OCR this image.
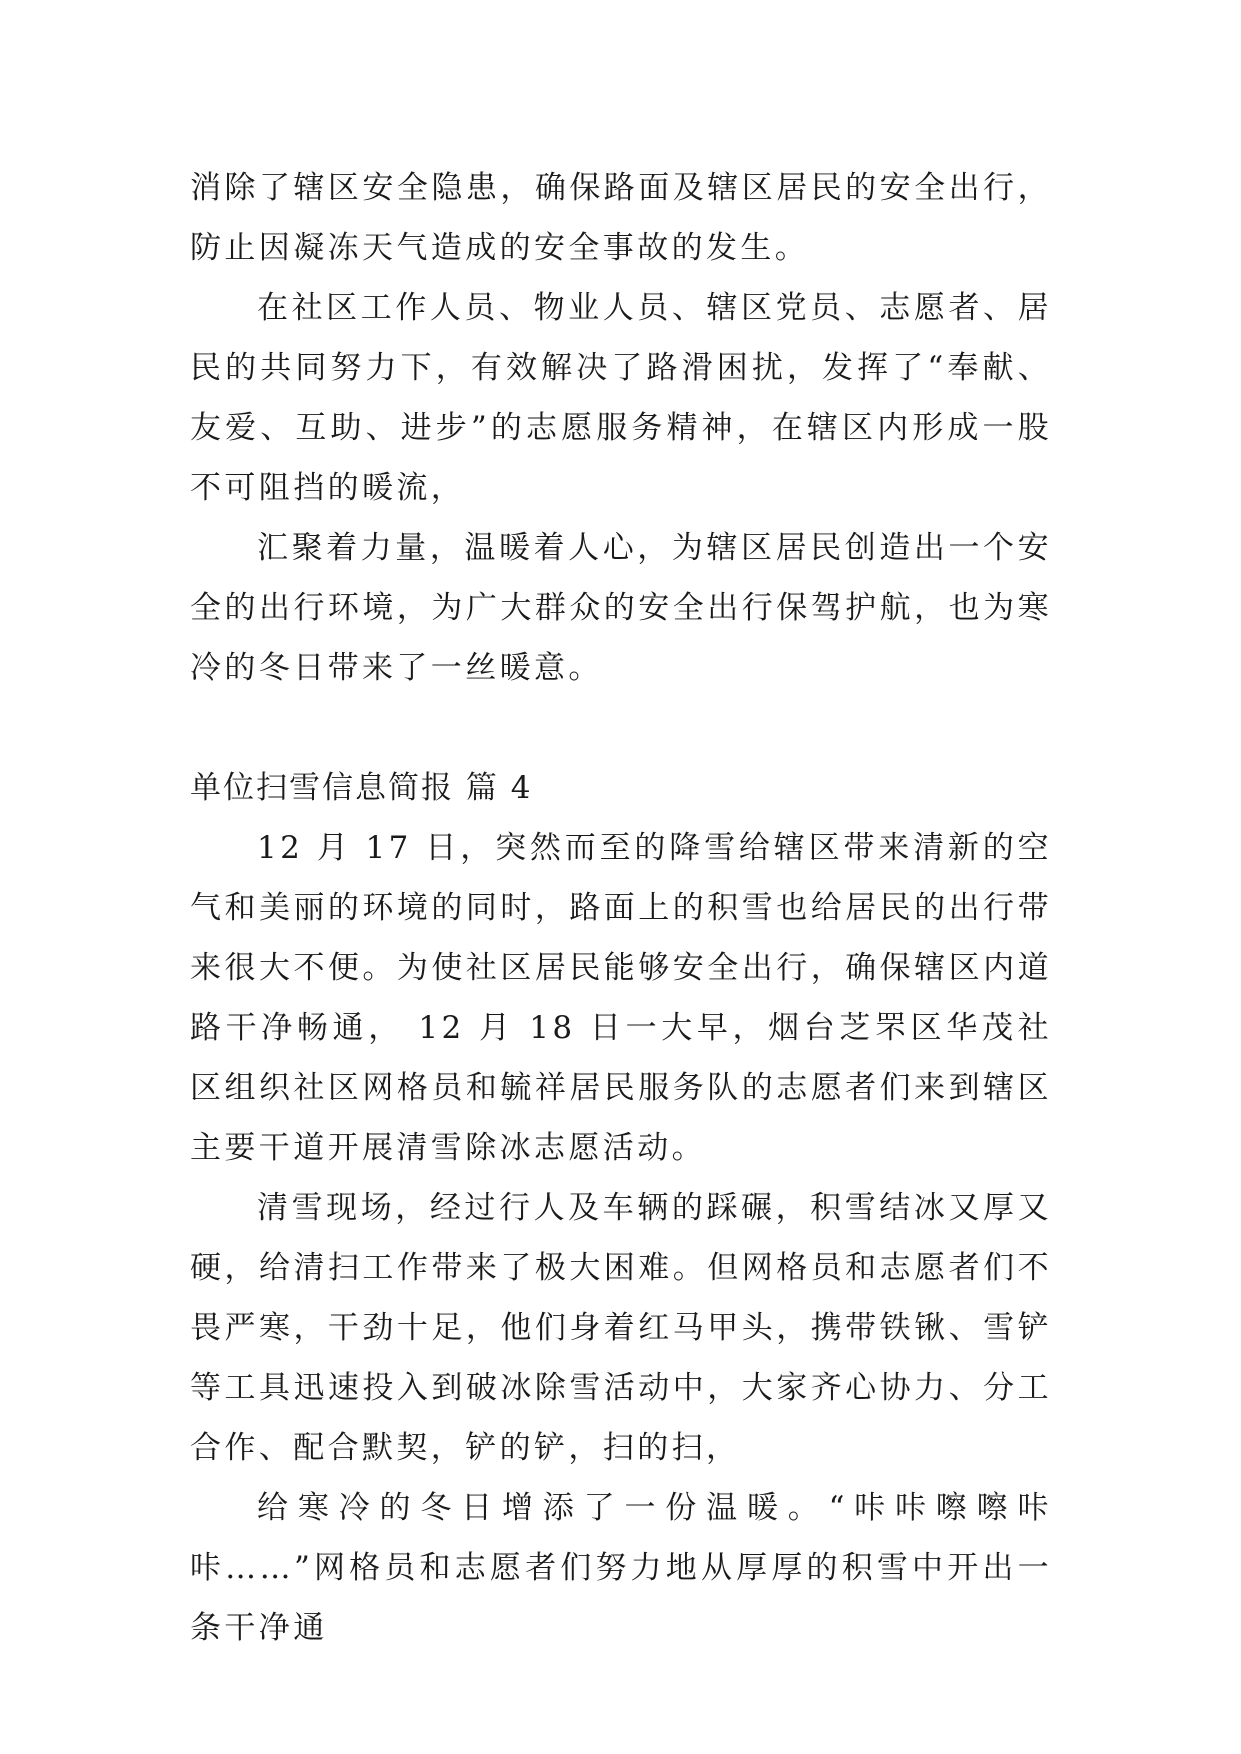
消除了辖区安全隐患，确保路面及辖区居民的安全出行，防止因凝冻天气造成的安全事故的发生。

在社区工作人员、物业人员、辖区党员、志愿者、居民的共同努力下，有效解决了路滑困扰，发挥了“奉献、友爱、互助、进步”的志愿服务精神，在辖区内形成一股不可阻挡的暖流，

汇聚着力量，温暖着人心，为辖区居民创造出一个安全的出行环境，为广大群众的安全出行保驾护航，也为寒冷的冬日带来了一丝暖意。

单位扫雪信息简报 篇 4

12 月 17 日，突然而至的降雪给辖区带来清新的空气和美丽的环境的同时，路面上的积雪也给居民的出行带来很大不便。为使社区居民能够安全出行，确保辖区内道路干净畅通， 12 月 18 日一大早，烟台芝罘区华茂社区组织社区网格员和毓祥居民服务队的志愿者们来到辖区主要干道开展清雪除冰志愿活动。

清雪现场，经过行人及车辆的踩碾，积雪结冰又厚又硬，给清扫工作带来了极大困难。但网格员和志愿者们不畏严寒，干劲十足，他们身着红马甲头，携带铁锹、雪铲等工具迅速投入到破冰除雪活动中，大家齐心协力、分工合作、配合默契，铲的铲，扫的扫，

给寒冷的冬日增添了一份温暖。“咔咔嚓嚓咔咔……”网格员和志愿者们努力地从厚厚的积雪中开出一条干净通
